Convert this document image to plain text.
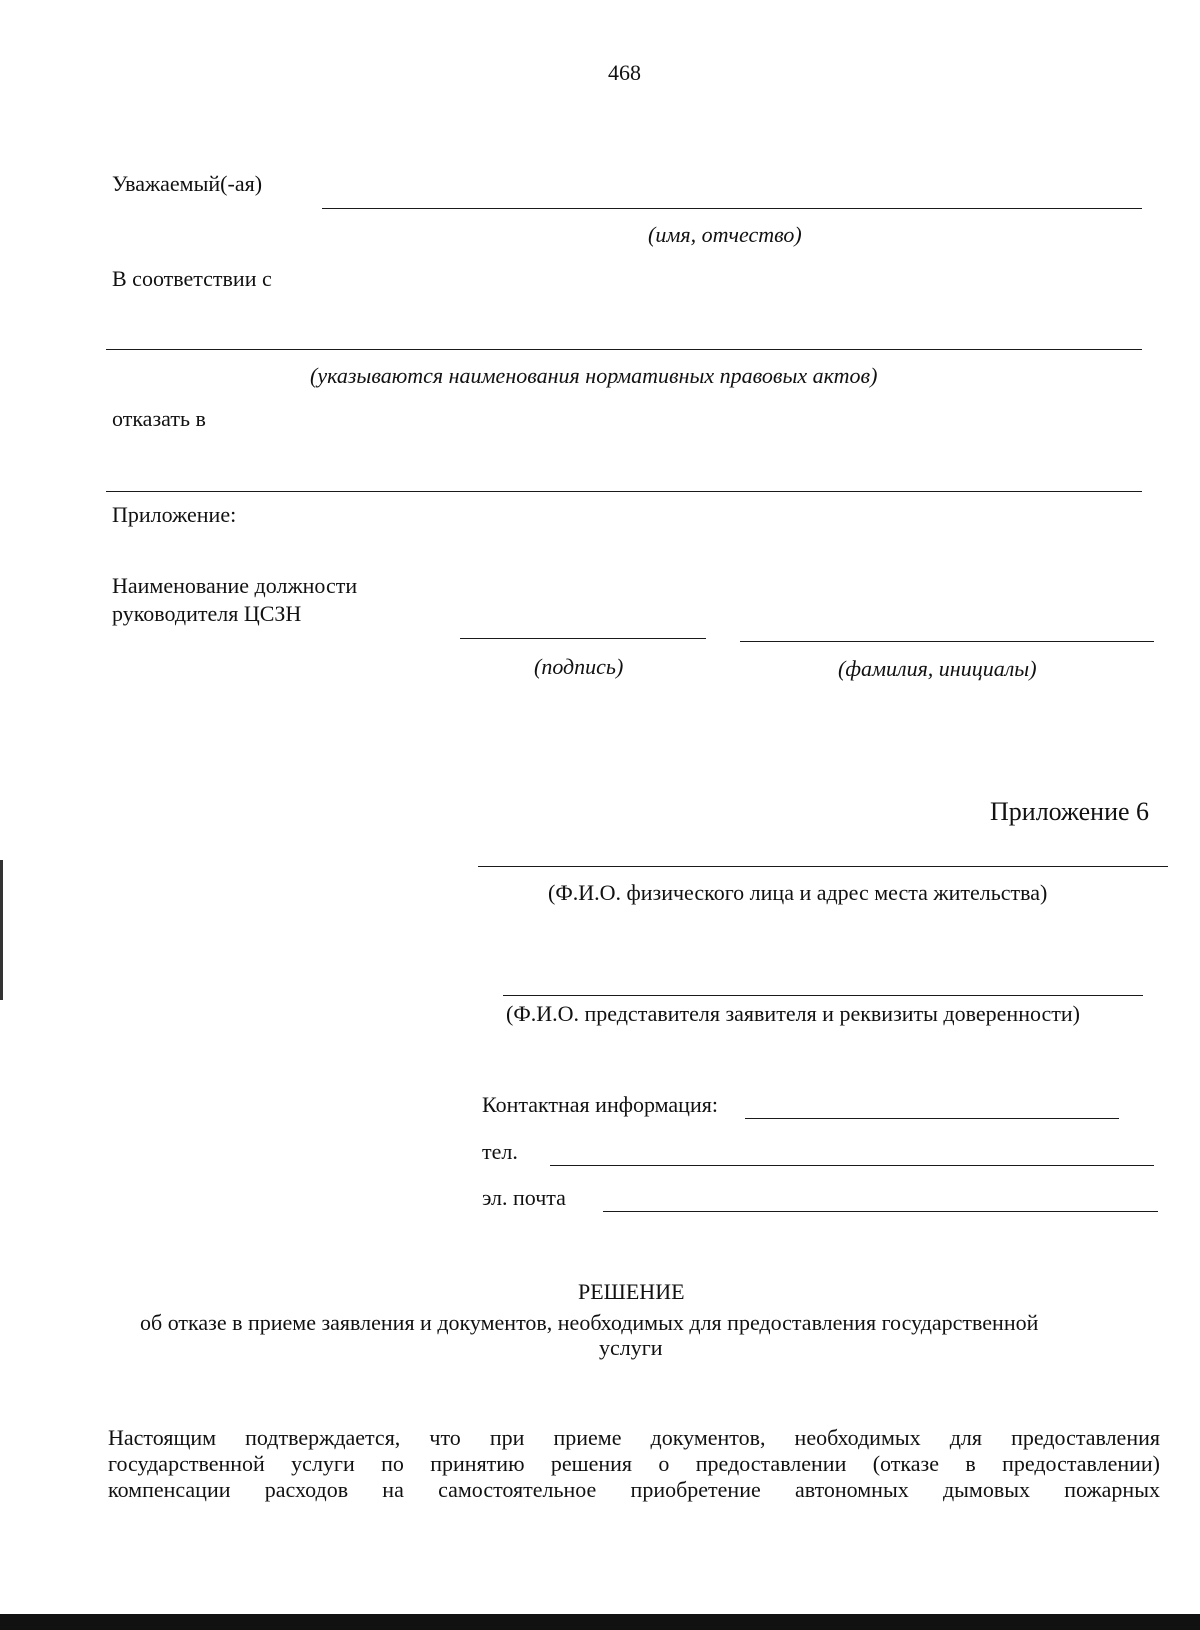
468
Уважаемый(-ая)
(имя, отчество)
В соответствии с
(указываются наименования нормативных правовых актов)
отказать в
Приложение:
Наименование должности
руководителя ЦСЗН
(подпись)	(фамилия, инициалы)
Приложение 6
(Ф.И.О. физического лица и адрес места жительства)
(Ф.И.О. представителя заявителя и реквизиты доверенности)
Контактная информация:
тел.
эл. почта
РЕШЕНИЕ
об отказе в приеме заявления и документов, необходимых для предоставления государственной
услуги
Настоящим подтверждается, что при приеме документов, необходимых для предоставления
государственной услуги по принятию решения о предоставлении (отказе в предоставлении)
компенсации расходов на самостоятельное приобретение автономных дымовых пожарных
